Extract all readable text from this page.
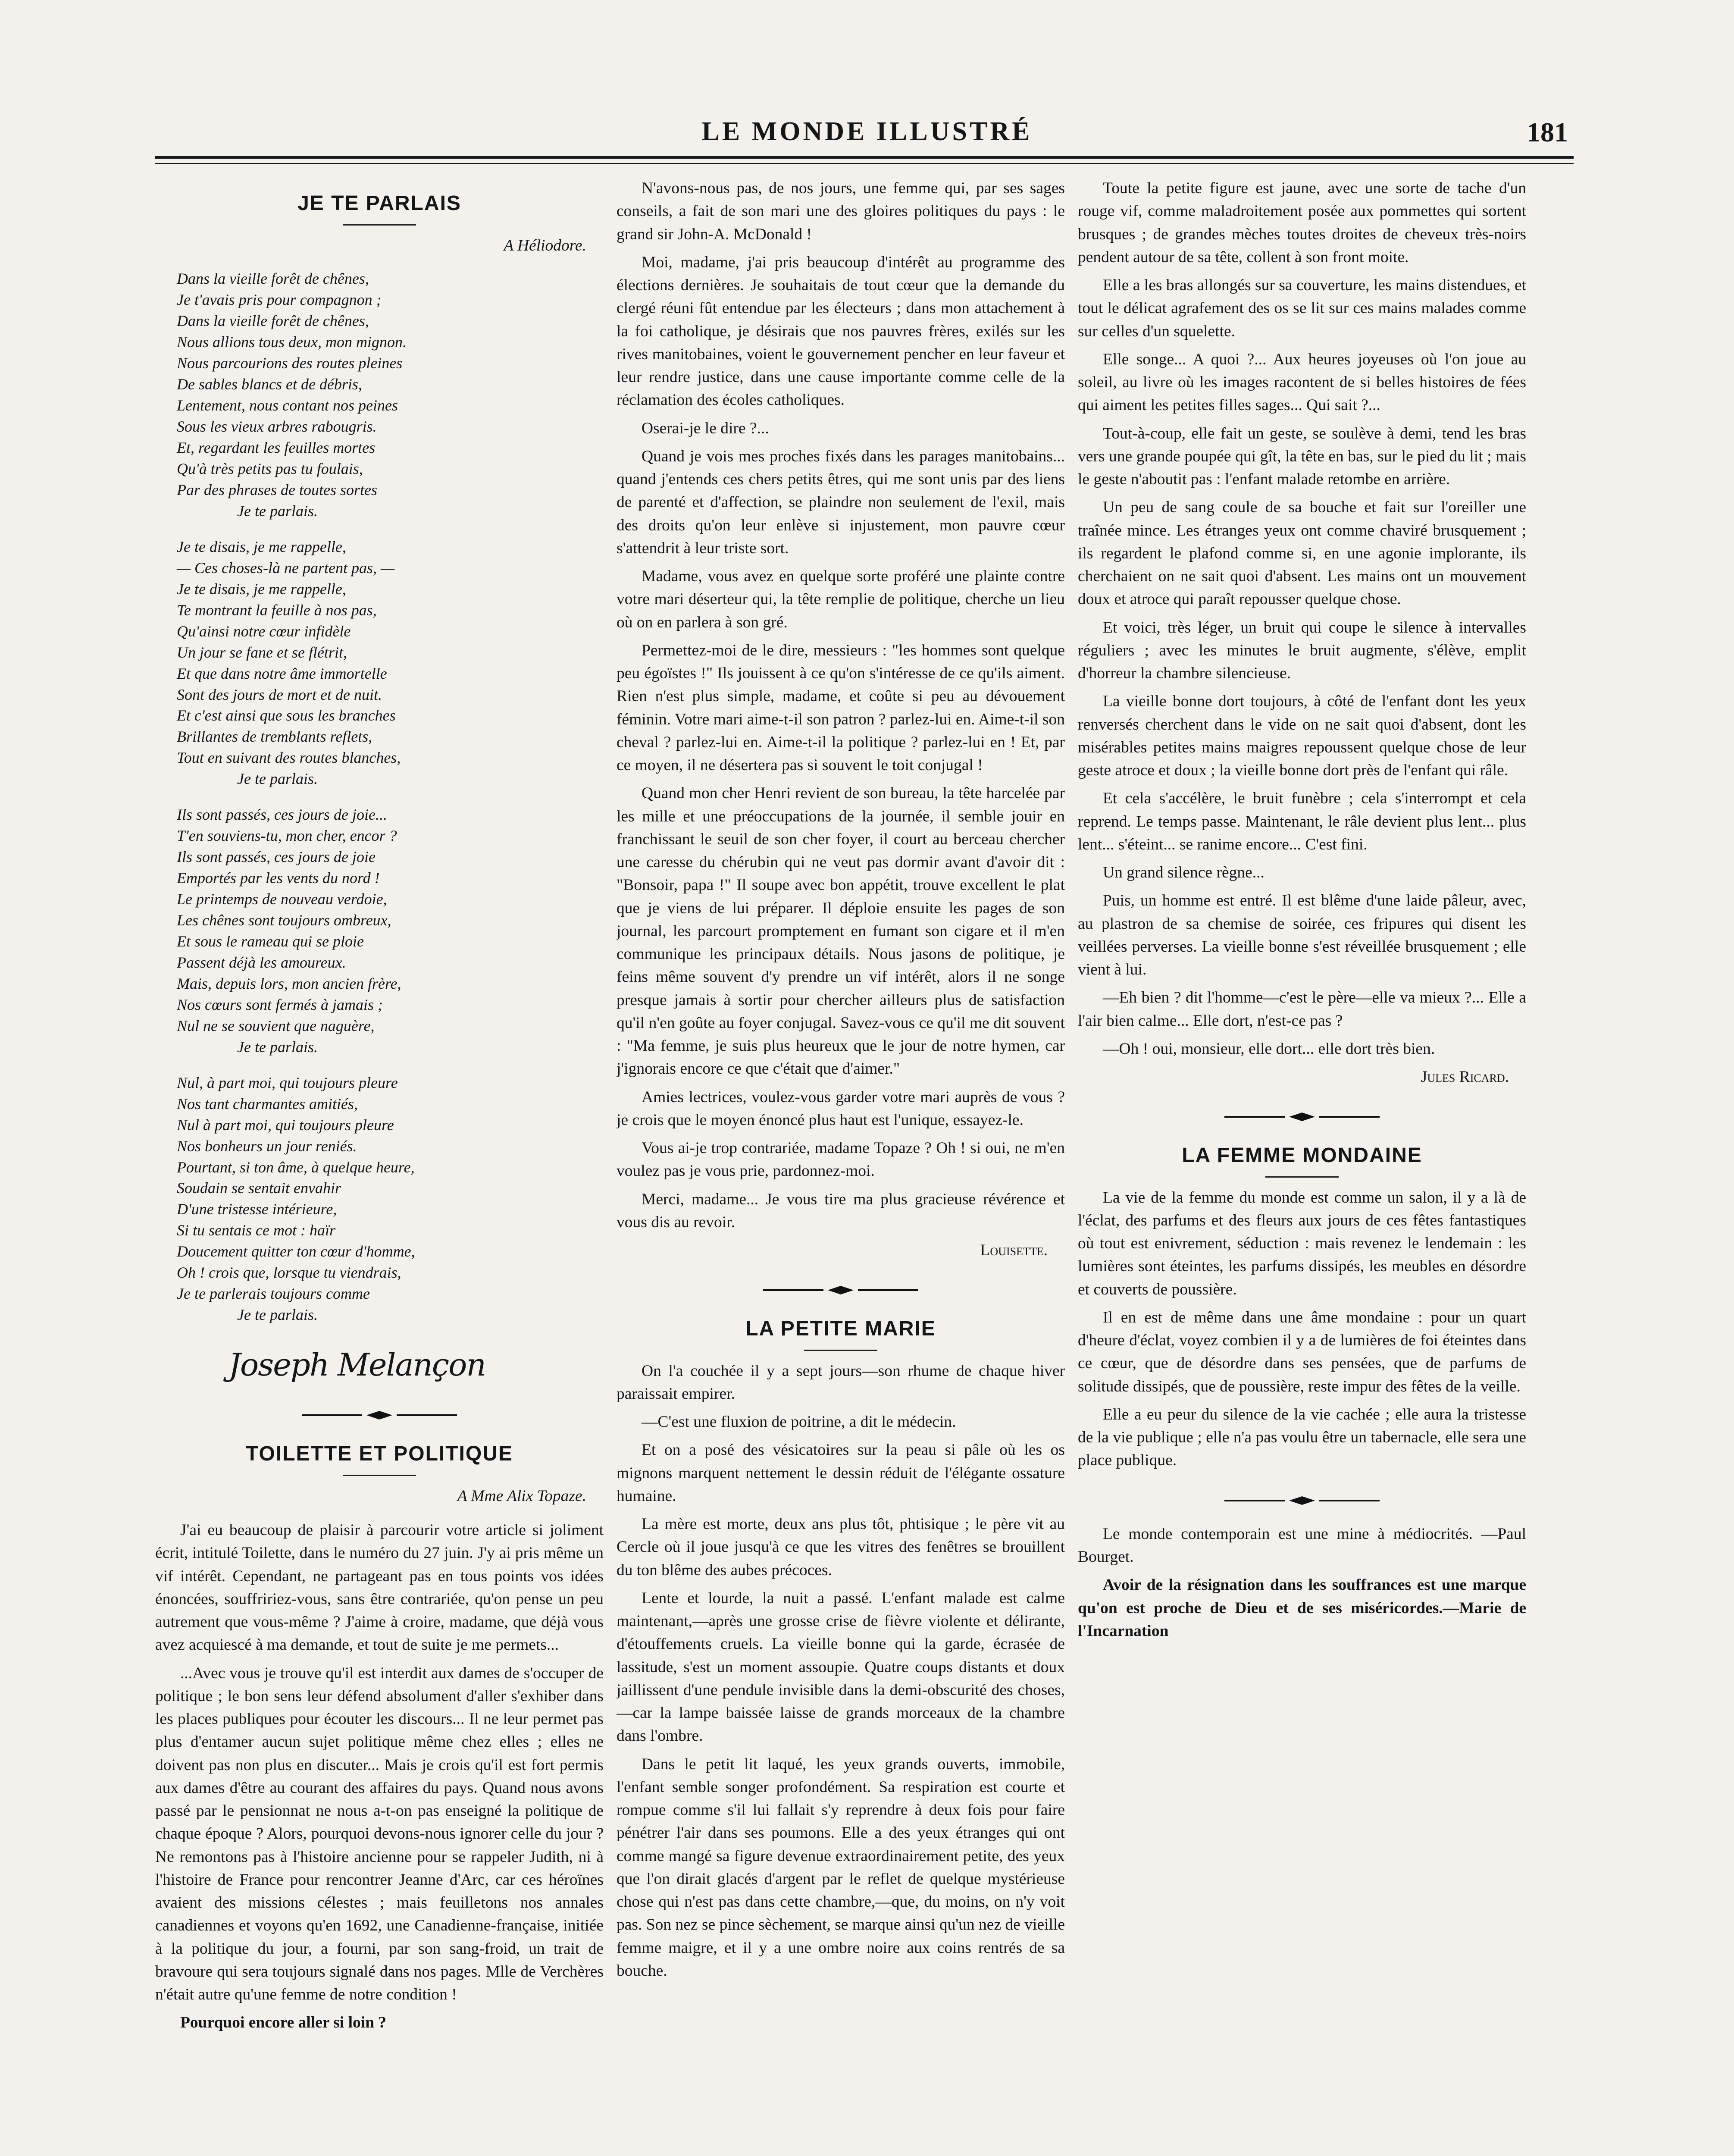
LE MONDE ILLUSTRÉ	181
JE TE PARLAIS
A Héliodore.
Dans la vieille forêt de chênes,
Je t'avais pris pour compagnon ;
Dans la vieille forêt de chênes,
Nous allions tous deux, mon mignon.
Nous parcourions des routes pleines
De sables blancs et de débris,
Lentement, nous contant nos peines
Sous les vieux arbres rabougris.
Et, regardant les feuilles mortes
Qu'à très petits pas tu foulais,
Par des phrases de toutes sortes
Je te parlais.
Je te disais, je me rappelle,
— Ces choses-là ne partent pas, —
Je te disais, je me rappelle,
Te montrant la feuille à nos pas,
Qu'ainsi notre cœur infidèle
Un jour se fane et se flétrit,
Et que dans notre âme immortelle
Sont des jours de mort et de nuit.
Et c'est ainsi que sous les branches
Brillantes de tremblants reflets,
Tout en suivant des routes blanches,
Je te parlais.
Ils sont passés, ces jours de joie...
T'en souviens-tu, mon cher, encor ?
Ils sont passés, ces jours de joie
Emportés par les vents du nord !
Le printemps de nouveau verdoie,
Les chênes sont toujours ombreux,
Et sous le rameau qui se ploie
Passent déjà les amoureux.
Mais, depuis lors, mon ancien frère,
Nos cœurs sont fermés à jamais ;
Nul ne se souvient que naguère,
Je te parlais.
Nul, à part moi, qui toujours pleure
Nos tant charmantes amitiés,
Nul à part moi, qui toujours pleure
Nos bonheurs un jour reniés.
Pourtant, si ton âme, à quelque heure,
Soudain se sentait envahir
D'une tristesse intérieure,
Si tu sentais ce mot : haïr
Doucement quitter ton cœur d'homme,
Oh ! crois que, lorsque tu viendrais,
Je te parlerais toujours comme
Je te parlais.
Joseph Melançon
TOILETTE ET POLITIQUE
A Mme Alix Topaze.

J'ai eu beaucoup de plaisir à parcourir votre article si joliment écrit, intitulé Toilette, dans le numéro du 27 juin. J'y ai pris même un vif intérêt. Cependant, ne partageant pas en tous points vos idées énoncées, souffririez-vous, sans être contrariée, qu'on pense un peu autrement que vous-même ? J'aime à croire, madame, que déjà vous avez acquiescé à ma demande, et tout de suite je me permets...

...Avec vous je trouve qu'il est interdit aux dames de s'occuper de politique ; le bon sens leur défend absolument d'aller s'exhiber dans les places publiques pour écouter les discours... Il ne leur permet pas plus d'entamer aucun sujet politique même chez elles ; elles ne doivent pas non plus en discuter... Mais je crois qu'il est fort permis aux dames d'être au courant des affaires du pays. Quand nous avons passé par le pensionnat ne nous a-t-on pas enseigné la politique de chaque époque ? Alors, pourquoi devons-nous ignorer celle du jour ? Ne remontons pas à l'histoire ancienne pour se rappeler Judith, ni à l'histoire de France pour rencontrer Jeanne d'Arc, car ces héroïnes avaient des missions célestes ; mais feuilletons nos annales canadiennes et voyons qu'en 1692, une Canadienne-française, initiée à la politique du jour, a fourni, par son sang-froid, un trait de bravoure qui sera toujours signalé dans nos pages. Mlle de Verchères n'était autre qu'une femme de notre condition !

Pourquoi encore aller si loin ?

N'avons-nous pas, de nos jours, une femme qui, par ses sages conseils, a fait de son mari une des gloires politiques du pays : le grand sir John-A. McDonald !

Moi, madame, j'ai pris beaucoup d'intérêt au programme des élections dernières. Je souhaitais de tout cœur que la demande du clergé réuni fût entendue par les électeurs ; dans mon attachement à la foi catholique, je désirais que nos pauvres frères, exilés sur les rives manitobaines, voient le gouvernement pencher en leur faveur et leur rendre justice, dans une cause importante comme celle de la réclamation des écoles catholiques.

Oserai-je le dire ?...

Quand je vois mes proches fixés dans les parages manitobains... quand j'entends ces chers petits êtres, qui me sont unis par des liens de parenté et d'affection, se plaindre non seulement de l'exil, mais des droits qu'on leur enlève si injustement, mon pauvre cœur s'attendrit à leur triste sort.

Madame, vous avez en quelque sorte proféré une plainte contre votre mari déserteur qui, la tête remplie de politique, cherche un lieu où on en parlera à son gré.

Permettez-moi de le dire, messieurs : "les hommes sont quelque peu égoïstes !" Ils jouissent à ce qu'on s'intéresse de ce qu'ils aiment. Rien n'est plus simple, madame, et coûte si peu au dévouement féminin. Votre mari aime-t-il son patron ? parlez-lui en. Aime-t-il son cheval ? parlez-lui en. Aime-t-il la politique ? parlez-lui en ! Et, par ce moyen, il ne désertera pas si souvent le toit conjugal !

Quand mon cher Henri revient de son bureau, la tête harcelée par les mille et une préoccupations de la journée, il semble jouir en franchissant le seuil de son cher foyer, il court au berceau chercher une caresse du chérubin qui ne veut pas dormir avant d'avoir dit : "Bonsoir, papa !" Il soupe avec bon appétit, trouve excellent le plat que je viens de lui préparer. Il déploie ensuite les pages de son journal, les parcourt promptement en fumant son cigare et il m'en communique les principaux détails. Nous jasons de politique, je feins même souvent d'y prendre un vif intérêt, alors il ne songe presque jamais à sortir pour chercher ailleurs plus de satisfaction qu'il n'en goûte au foyer conjugal. Savez-vous ce qu'il me dit souvent : "Ma femme, je suis plus heureux que le jour de notre hymen, car j'ignorais encore ce que c'était que d'aimer."

Amies lectrices, voulez-vous garder votre mari auprès de vous ? je crois que le moyen énoncé plus haut est l'unique, essayez-le.

Vous ai-je trop contrariée, madame Topaze ? Oh ! si oui, ne m'en voulez pas je vous prie, pardonnez-moi.

Merci, madame... Je vous tire ma plus gracieuse révérence et vous dis au revoir.

Louisette.
LA PETITE MARIE

On l'a couchée il y a sept jours—son rhume de chaque hiver paraissait empirer.

—C'est une fluxion de poitrine, a dit le médecin.

Et on a posé des vésicatoires sur la peau si pâle où les os mignons marquent nettement le dessin réduit de l'élégante ossature humaine.

La mère est morte, deux ans plus tôt, phtisique ; le père vit au Cercle où il joue jusqu'à ce que les vitres des fenêtres se brouillent du ton blême des aubes précoces.

Lente et lourde, la nuit a passé. L'enfant malade est calme maintenant,—après une grosse crise de fièvre violente et délirante, d'étouffements cruels. La vieille bonne qui la garde, écrasée de lassitude, s'est un moment assoupie. Quatre coups distants et doux jaillissent d'une pendule invisible dans la demi-obscurité des choses,—car la lampe baissée laisse de grands morceaux de la chambre dans l'ombre.

Dans le petit lit laqué, les yeux grands ouverts, immobile, l'enfant semble songer profondément. Sa respiration est courte et rompue comme s'il lui fallait s'y reprendre à deux fois pour faire pénétrer l'air dans ses poumons. Elle a des yeux étranges qui ont comme mangé sa figure devenue extraordinairement petite, des yeux que l'on dirait glacés d'argent par le reflet de quelque mystérieuse chose qui n'est pas dans cette chambre,—que, du moins, on n'y voit pas. Son nez se pince sèchement, se marque ainsi qu'un nez de vieille femme maigre, et il y a une ombre noire aux coins rentrés de sa bouche.

Toute la petite figure est jaune, avec une sorte de tache d'un rouge vif, comme maladroitement posée aux pommettes qui sortent brusques ; de grandes mèches toutes droites de cheveux très-noirs pendent autour de sa tête, collent à son front moite.

Elle a les bras allongés sur sa couverture, les mains distendues, et tout le délicat agrafement des os se lit sur ces mains malades comme sur celles d'un squelette.

Elle songe... A quoi ?... Aux heures joyeuses où l'on joue au soleil, au livre où les images racontent de si belles histoires de fées qui aiment les petites filles sages... Qui sait ?...

Tout-à-coup, elle fait un geste, se soulève à demi, tend les bras vers une grande poupée qui gît, la tête en bas, sur le pied du lit ; mais le geste n'aboutit pas : l'enfant malade retombe en arrière.

Un peu de sang coule de sa bouche et fait sur l'oreiller une traînée mince. Les étranges yeux ont comme chaviré brusquement ; ils regardent le plafond comme si, en une agonie implorante, ils cherchaient on ne sait quoi d'absent. Les mains ont un mouvement doux et atroce qui paraît repousser quelque chose.

Et voici, très léger, un bruit qui coupe le silence à intervalles réguliers ; avec les minutes le bruit augmente, s'élève, emplit d'horreur la chambre silencieuse.

La vieille bonne dort toujours, à côté de l'enfant dont les yeux renversés cherchent dans le vide on ne sait quoi d'absent, dont les misérables petites mains maigres repoussent quelque chose de leur geste atroce et doux ; la vieille bonne dort près de l'enfant qui râle.

Et cela s'accélère, le bruit funèbre ; cela s'interrompt et cela reprend. Le temps passe. Maintenant, le râle devient plus lent... plus lent... s'éteint... se ranime encore... C'est fini.

Un grand silence règne...

Puis, un homme est entré. Il est blême d'une laide pâleur, avec, au plastron de sa chemise de soirée, ces fripures qui disent les veillées perverses. La vieille bonne s'est réveillée brusquement ; elle vient à lui.

—Eh bien ? dit l'homme—c'est le père—elle va mieux ?... Elle a l'air bien calme... Elle dort, n'est-ce pas ?

—Oh ! oui, monsieur, elle dort... elle dort très bien.

Jules Ricard.
LA FEMME MONDAINE

La vie de la femme du monde est comme un salon, il y a là de l'éclat, des parfums et des fleurs aux jours de ces fêtes fantastiques où tout est enivrement, séduction : mais revenez le lendemain : les lumières sont éteintes, les parfums dissipés, les meubles en désordre et couverts de poussière.

Il en est de même dans une âme mondaine : pour un quart d'heure d'éclat, voyez combien il y a de lumières de foi éteintes dans ce cœur, que de désordre dans ses pensées, que de parfums de solitude dissipés, que de poussière, reste impur des fêtes de la veille.

Elle a eu peur du silence de la vie cachée ; elle aura la tristesse de la vie publique ; elle n'a pas voulu être un tabernacle, elle sera une place publique.

Le monde contemporain est une mine à médiocrités. —Paul Bourget.

Avoir de la résignation dans les souffrances est une marque qu'on est proche de Dieu et de ses miséricordes.—Marie de l'Incarnation
